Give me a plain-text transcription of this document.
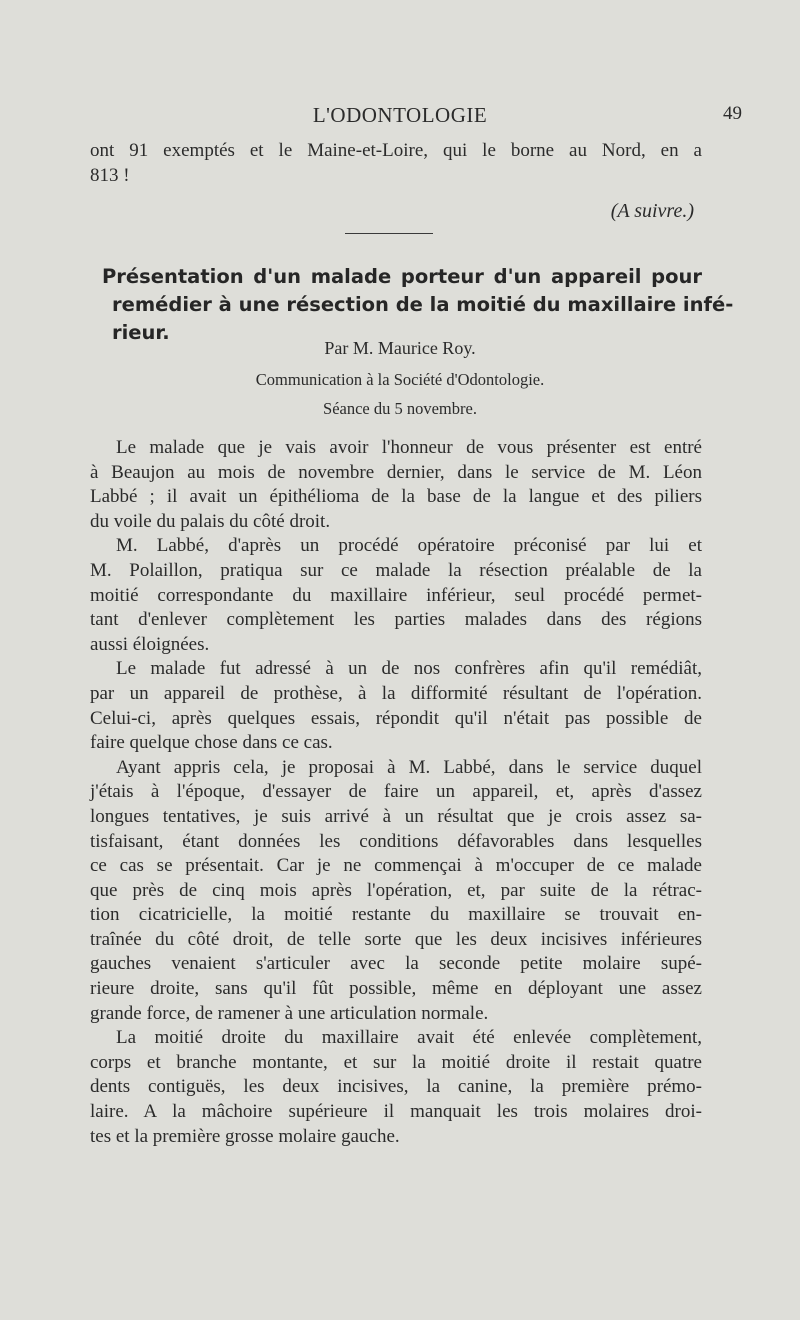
L'ODONTOLOGIE	49
ont 91 exemptés et le Maine-et-Loire, qui le borne au Nord, en a
813 !
(A suivre.)
Présentation d'un malade porteur d'un appareil pour
remédier à une résection de la moitié du maxillaire infé-
rieur.
Par M. Maurice Roy.
Communication à la Société d'Odontologie.
Séance du 5 novembre.
Le malade que je vais avoir l'honneur de vous présenter est entré
à Beaujon au mois de novembre dernier, dans le service de M. Léon
Labbé ; il avait un épithélioma de la base de la langue et des piliers
du voile du palais du côté droit.
M. Labbé, d'après un procédé opératoire préconisé par lui et
M. Polaillon, pratiqua sur ce malade la résection préalable de la
moitié correspondante du maxillaire inférieur, seul procédé permet-
tant d'enlever complètement les parties malades dans des régions
aussi éloignées.
Le malade fut adressé à un de nos confrères afin qu'il remédiât,
par un appareil de prothèse, à la difformité résultant de l'opération.
Celui-ci, après quelques essais, répondit qu'il n'était pas possible de
faire quelque chose dans ce cas.
Ayant appris cela, je proposai à M. Labbé, dans le service duquel
j'étais à l'époque, d'essayer de faire un appareil, et, après d'assez
longues tentatives, je suis arrivé à un résultat que je crois assez sa-
tisfaisant, étant données les conditions défavorables dans lesquelles
ce cas se présentait. Car je ne commençai à m'occuper de ce malade
que près de cinq mois après l'opération, et, par suite de la rétrac-
tion cicatricielle, la moitié restante du maxillaire se trouvait en-
traînée du côté droit, de telle sorte que les deux incisives inférieures
gauches venaient s'articuler avec la seconde petite molaire supé-
rieure droite, sans qu'il fût possible, même en déployant une assez
grande force, de ramener à une articulation normale.
La moitié droite du maxillaire avait été enlevée complètement,
corps et branche montante, et sur la moitié droite il restait quatre
dents contiguës, les deux incisives, la canine, la première prémo-
laire. A la mâchoire supérieure il manquait les trois molaires droi-
tes et la première grosse molaire gauche.
